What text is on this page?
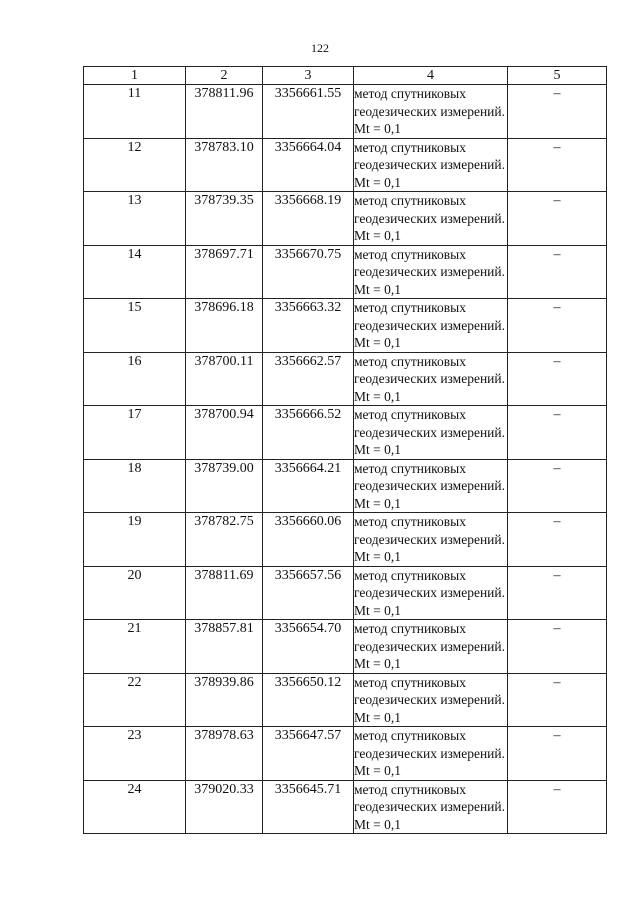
122
1	2	3	4	5
11	378811.96	3356661.55	метод спутниковых геодезических измерений. Mt = 0,1	–
12	378783.10	3356664.04	метод спутниковых геодезических измерений. Mt = 0,1	–
13	378739.35	3356668.19	метод спутниковых геодезических измерений. Mt = 0,1	–
14	378697.71	3356670.75	метод спутниковых геодезических измерений. Mt = 0,1	–
15	378696.18	3356663.32	метод спутниковых геодезических измерений. Mt = 0,1	–
16	378700.11	3356662.57	метод спутниковых геодезических измерений. Mt = 0,1	–
17	378700.94	3356666.52	метод спутниковых геодезических измерений. Mt = 0,1	–
18	378739.00	3356664.21	метод спутниковых геодезических измерений. Mt = 0,1	–
19	378782.75	3356660.06	метод спутниковых геодезических измерений. Mt = 0,1	–
20	378811.69	3356657.56	метод спутниковых геодезических измерений. Mt = 0,1	–
21	378857.81	3356654.70	метод спутниковых геодезических измерений. Mt = 0,1	–
22	378939.86	3356650.12	метод спутниковых геодезических измерений. Mt = 0,1	–
23	378978.63	3356647.57	метод спутниковых геодезических измерений. Mt = 0,1	–
24	379020.33	3356645.71	метод спутниковых геодезических измерений. Mt = 0,1	–
